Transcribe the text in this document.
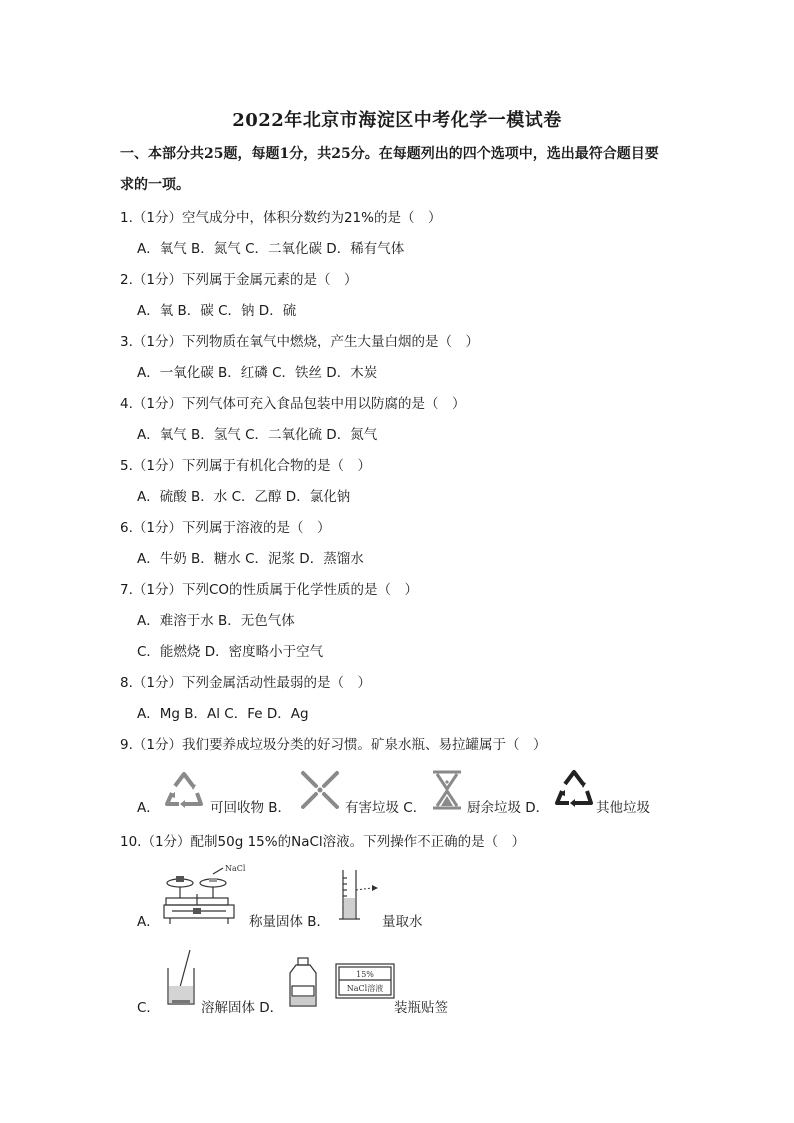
2022年北京市海淀区中考化学一模试卷
一、本部分共25题，每题1分，共25分。在每题列出的四个选项中，选出最符合题目要
求的一项。
1.（1分）空气成分中，体积分数约为21%的是（　）
A．氧气 B．氮气 C．二氧化碳 D．稀有气体
2.（1分）下列属于金属元素的是（　）
A．氧 B．碳 C．钠 D．硫
3.（1分）下列物质在氧气中燃烧，产生大量白烟的是（　）
A．一氧化碳 B．红磷 C．铁丝 D．木炭
4.（1分）下列气体可充入食品包装中用以防腐的是（　）
A．氧气 B．氢气 C．二氧化硫 D．氮气
5.（1分）下列属于有机化合物的是（　）
A．硫酸 B．水 C．乙醇 D．氯化钠
6.（1分）下列属于溶液的是（　）
A．牛奶 B．糖水 C．泥浆 D．蒸馏水
7.（1分）下列CO的性质属于化学性质的是（　）
A．难溶于水 B．无色气体
C．能燃烧 D．密度略小于空气
8.（1分）下列金属活动性最弱的是（　）
A．Mg B．Al C．Fe D．Ag
9.（1分）我们要养成垃圾分类的好习惯。矿泉水瓶、易拉罐属于（　）
A．	可回收物 B．	有害垃圾 C．	厨余垃圾 D．	其他垃圾
10.（1分）配制50g 15%的NaCl溶液。下列操作不正确的是（　）
A．
NaCl
称量固体 B．	量取水
C．	溶解固体 D．
15%
NaCl溶液
装瓶贴签
